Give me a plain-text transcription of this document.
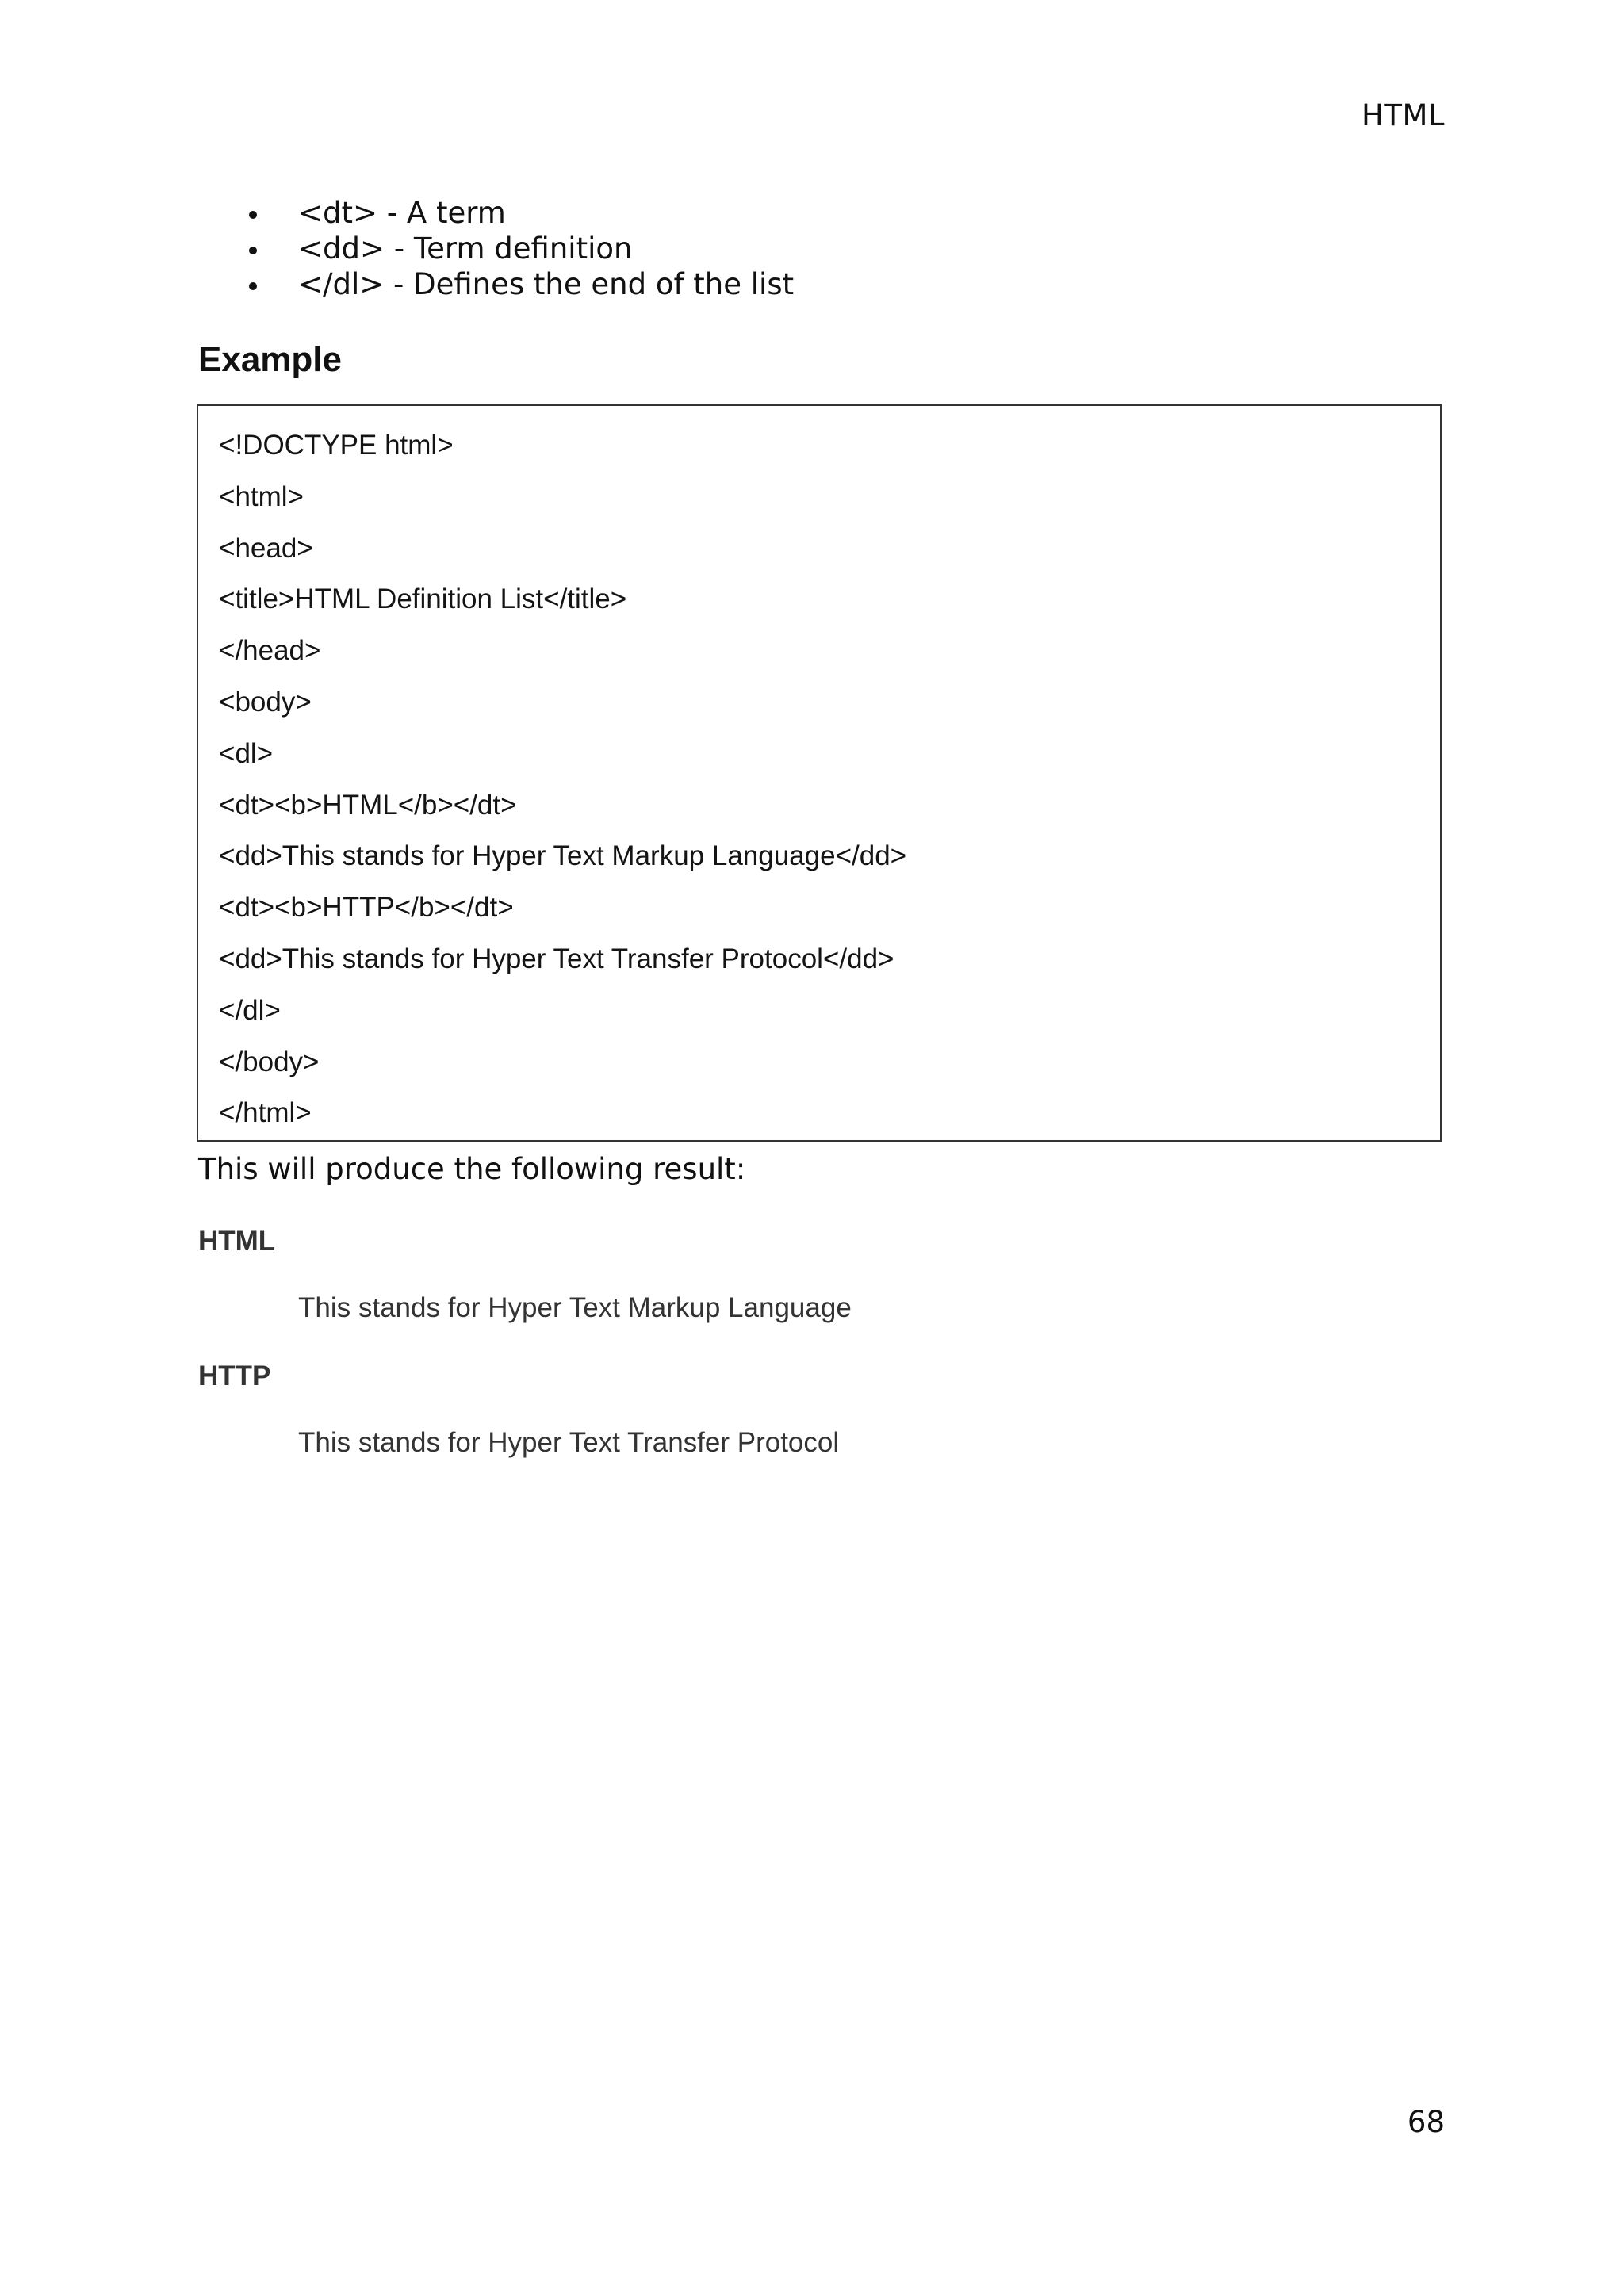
HTML
<dt> - A term
<dd> - Term definition
</dl> - Defines the end of the list
Example
<!DOCTYPE html>
<html>
<head>
<title>HTML Definition List</title>
</head>
<body>
<dl>
<dt><b>HTML</b></dt>
<dd>This stands for Hyper Text Markup Language</dd>
<dt><b>HTTP</b></dt>
<dd>This stands for Hyper Text Transfer Protocol</dd>
</dl>
</body>
</html>

This will produce the following result:

HTML
This stands for Hyper Text Markup Language
HTTP
This stands for Hyper Text Transfer Protocol
68
